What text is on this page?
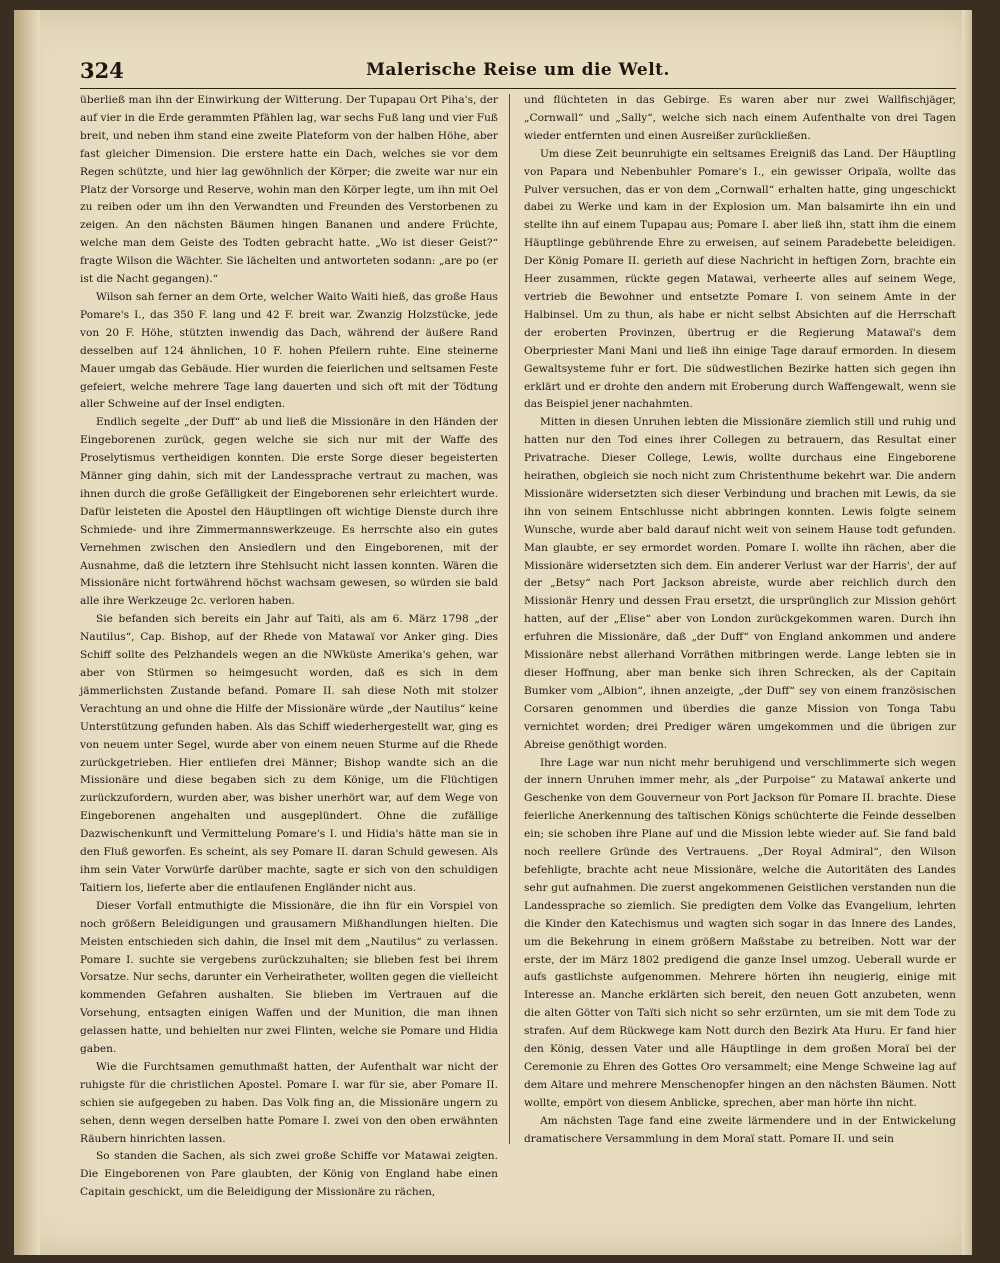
324	Malerische Reise um die Welt.

überließ man ihn der Einwirkung der Witterung. Der Tupapau Ort Piha's, der auf vier in die Erde gerammten Pfählen lag, war sechs Fuß lang und vier Fuß breit, und neben ihm stand eine zweite Plateform von der halben Höhe, aber fast gleicher Dimension. Die erstere hatte ein Dach, welches sie vor dem Regen schützte, und hier lag gewöhnlich der Körper; die zweite war nur ein Platz der Vorsorge und Reserve, wohin man den Körper legte, um ihn mit Oel zu reiben oder um ihn den Verwandten und Freunden des Verstorbenen zu zeigen. An den nächsten Bäumen hingen Bananen und andere Früchte, welche man dem Geiste des Todten gebracht hatte. „Wo ist dieser Geist?“ fragte Wilson die Wächter. Sie lächelten und antworteten sodann: „are po (er ist die Nacht gegangen).“

Wilson sah ferner an dem Orte, welcher Waito Waiti hieß, das große Haus Pomare's I., das 350 F. lang und 42 F. breit war. Zwanzig Holzstücke, jede von 20 F. Höhe, stützten inwendig das Dach, während der äußere Rand desselben auf 124 ähnlichen, 10 F. hohen Pfeilern ruhte. Eine steinerne Mauer umgab das Gebäude. Hier wurden die feierlichen und seltsamen Feste gefeiert, welche mehrere Tage lang dauerten und sich oft mit der Tödtung aller Schweine auf der Insel endigten.

Endlich segelte „der Duff“ ab und ließ die Missionäre in den Händen der Eingeborenen zurück, gegen welche sie sich nur mit der Waffe des Proselytismus vertheidigen konnten. Die erste Sorge dieser begeisterten Männer ging dahin, sich mit der Landessprache vertraut zu machen, was ihnen durch die große Gefälligkeit der Eingeborenen sehr erleichtert wurde. Dafür leisteten die Apostel den Häuptlingen oft wichtige Dienste durch ihre Schmiede- und ihre Zimmermannswerkzeuge. Es herrschte also ein gutes Vernehmen zwischen den Ansiedlern und den Eingeborenen, mit der Ausnahme, daß die letztern ihre Stehlsucht nicht lassen konnten. Wären die Missionäre nicht fortwährend höchst wachsam gewesen, so würden sie bald alle ihre Werkzeuge 2c. verloren haben.

Sie befanden sich bereits ein Jahr auf Taiti, als am 6. März 1798 „der Nautilus“, Cap. Bishop, auf der Rhede von Matawaï vor Anker ging. Dies Schiff sollte des Pelzhandels wegen an die NWküste Amerika's gehen, war aber von Stürmen so heimgesucht worden, daß es sich in dem jämmerlichsten Zustande befand. Pomare II. sah diese Noth mit stolzer Verachtung an und ohne die Hilfe der Missionäre würde „der Nautilus“ keine Unterstützung gefunden haben. Als das Schiff wiederhergestellt war, ging es von neuem unter Segel, wurde aber von einem neuen Sturme auf die Rhede zurückgetrieben. Hier entliefen drei Männer; Bishop wandte sich an die Missionäre und diese begaben sich zu dem Könige, um die Flüchtigen zurückzufordern, wurden aber, was bisher unerhört war, auf dem Wege von Eingeborenen angehalten und ausgeplündert. Ohne die zufällige Dazwischenkunft und Vermittelung Pomare's I. und Hidia's hätte man sie in den Fluß geworfen. Es scheint, als sey Pomare II. daran Schuld gewesen. Als ihm sein Vater Vorwürfe darüber machte, sagte er sich von den schuldigen Taitiern los, lieferte aber die entlaufenen Engländer nicht aus.

Dieser Vorfall entmuthigte die Missionäre, die ihn für ein Vorspiel von noch größern Beleidigungen und grausamern Mißhandlungen hielten. Die Meisten entschieden sich dahin, die Insel mit dem „Nautilus“ zu verlassen. Pomare I. suchte sie vergebens zurückzuhalten; sie blieben fest bei ihrem Vorsatze. Nur sechs, darunter ein Verheiratheter, wollten gegen die vielleicht kommenden Gefahren aushalten. Sie blieben im Vertrauen auf die Vorsehung, entsagten einigen Waffen und der Munition, die man ihnen gelassen hatte, und behielten nur zwei Flinten, welche sie Pomare und Hidia gaben.

Wie die Furchtsamen gemuthmaßt hatten, der Aufenthalt war nicht der ruhigste für die christlichen Apostel. Pomare I. war für sie, aber Pomare II. schien sie aufgegeben zu haben. Das Volk fing an, die Missionäre ungern zu sehen, denn wegen derselben hatte Pomare I. zwei von den oben erwähnten Räubern hinrichten lassen.

So standen die Sachen, als sich zwei große Schiffe vor Matawai zeigten. Die Eingeborenen von Pare glaubten, der König von England habe einen Capitain geschickt, um die Beleidigung der Missionäre zu rächen,

und flüchteten in das Gebirge. Es waren aber nur zwei Wallfischjäger, „Cornwall“ und „Sally“, welche sich nach einem Aufenthalte von drei Tagen wieder entfernten und einen Ausreißer zurückließen.

Um diese Zeit beunruhigte ein seltsames Ereigniß das Land. Der Häuptling von Papara und Nebenbuhler Pomare's I., ein gewisser Oripaïa, wollte das Pulver versuchen, das er von dem „Cornwall“ erhalten hatte, ging ungeschickt dabei zu Werke und kam in der Explosion um. Man balsamirte ihn ein und stellte ihn auf einem Tupapau aus; Pomare I. aber ließ ihn, statt ihm die einem Häuptlinge gebührende Ehre zu erweisen, auf seinem Paradebette beleidigen. Der König Pomare II. gerieth auf diese Nachricht in heftigen Zorn, brachte ein Heer zusammen, rückte gegen Matawai, verheerte alles auf seinem Wege, vertrieb die Bewohner und entsetzte Pomare I. von seinem Amte in der Halbinsel. Um zu thun, als habe er nicht selbst Absichten auf die Herrschaft der eroberten Provinzen, übertrug er die Regierung Matawaï's dem Oberpriester Mani Mani und ließ ihn einige Tage darauf ermorden. In diesem Gewaltsysteme fuhr er fort. Die südwestlichen Bezirke hatten sich gegen ihn erklärt und er drohte den andern mit Eroberung durch Waffengewalt, wenn sie das Beispiel jener nachahmten.

Mitten in diesen Unruhen lebten die Missionäre ziemlich still und ruhig und hatten nur den Tod eines ihrer Collegen zu betrauern, das Resultat einer Privatrache. Dieser College, Lewis, wollte durchaus eine Eingeborene heirathen, obgleich sie noch nicht zum Christenthume bekehrt war. Die andern Missionäre widersetzten sich dieser Verbindung und brachen mit Lewis, da sie ihn von seinem Entschlusse nicht abbringen konnten. Lewis folgte seinem Wunsche, wurde aber bald darauf nicht weit von seinem Hause todt gefunden. Man glaubte, er sey ermordet worden. Pomare I. wollte ihn rächen, aber die Missionäre widersetzten sich dem. Ein anderer Verlust war der Harris', der auf der „Betsy“ nach Port Jackson abreiste, wurde aber reichlich durch den Missionär Henry und dessen Frau ersetzt, die ursprünglich zur Mission gehört hatten, auf der „Elise“ aber von London zurückgekommen waren. Durch ihn erfuhren die Missionäre, daß „der Duff“ von England ankommen und andere Missionäre nebst allerhand Vorräthen mitbringen werde. Lange lebten sie in dieser Hoffnung, aber man benke sich ihren Schrecken, als der Capitain Bumker vom „Albion“, ihnen anzeigte, „der Duff“ sey von einem französischen Corsaren genommen und überdies die ganze Mission von Tonga Tabu vernichtet worden; drei Prediger wären umgekommen und die übrigen zur Abreise genöthigt worden.

Ihre Lage war nun nicht mehr beruhigend und verschlimmerte sich wegen der innern Unruhen immer mehr, als „der Purpoise“ zu Matawaï ankerte und Geschenke von dem Gouverneur von Port Jackson für Pomare II. brachte. Diese feierliche Anerkennung des taïtischen Königs schüchterte die Feinde desselben ein; sie schoben ihre Plane auf und die Mission lebte wieder auf. Sie fand bald noch reellere Gründe des Vertrauens. „Der Royal Admiral“, den Wilson befehligte, brachte acht neue Missionäre, welche die Autoritäten des Landes sehr gut aufnahmen. Die zuerst angekommenen Geistlichen verstanden nun die Landessprache so ziemlich. Sie predigten dem Volke das Evangelium, lehrten die Kinder den Katechismus und wagten sich sogar in das Innere des Landes, um die Bekehrung in einem größern Maßstabe zu betreiben. Nott war der erste, der im März 1802 predigend die ganze Insel umzog. Ueberall wurde er aufs gastlichste aufgenommen. Mehrere hörten ihn neugierig, einige mit Interesse an. Manche erklärten sich bereit, den neuen Gott anzubeten, wenn die alten Götter von Taïti sich nicht so sehr erzürnten, um sie mit dem Tode zu strafen. Auf dem Rückwege kam Nott durch den Bezirk Ata Huru. Er fand hier den König, dessen Vater und alle Häuptlinge in dem großen Moraï bei der Ceremonie zu Ehren des Gottes Oro versammelt; eine Menge Schweine lag auf dem Altare und mehrere Menschenopfer hingen an den nächsten Bäumen. Nott wollte, empört von diesem Anblicke, sprechen, aber man hörte ihn nicht.

Am nächsten Tage fand eine zweite lärmendere und in der Entwickelung dramatischere Versammlung in dem Moraï statt. Pomare II. und sein
